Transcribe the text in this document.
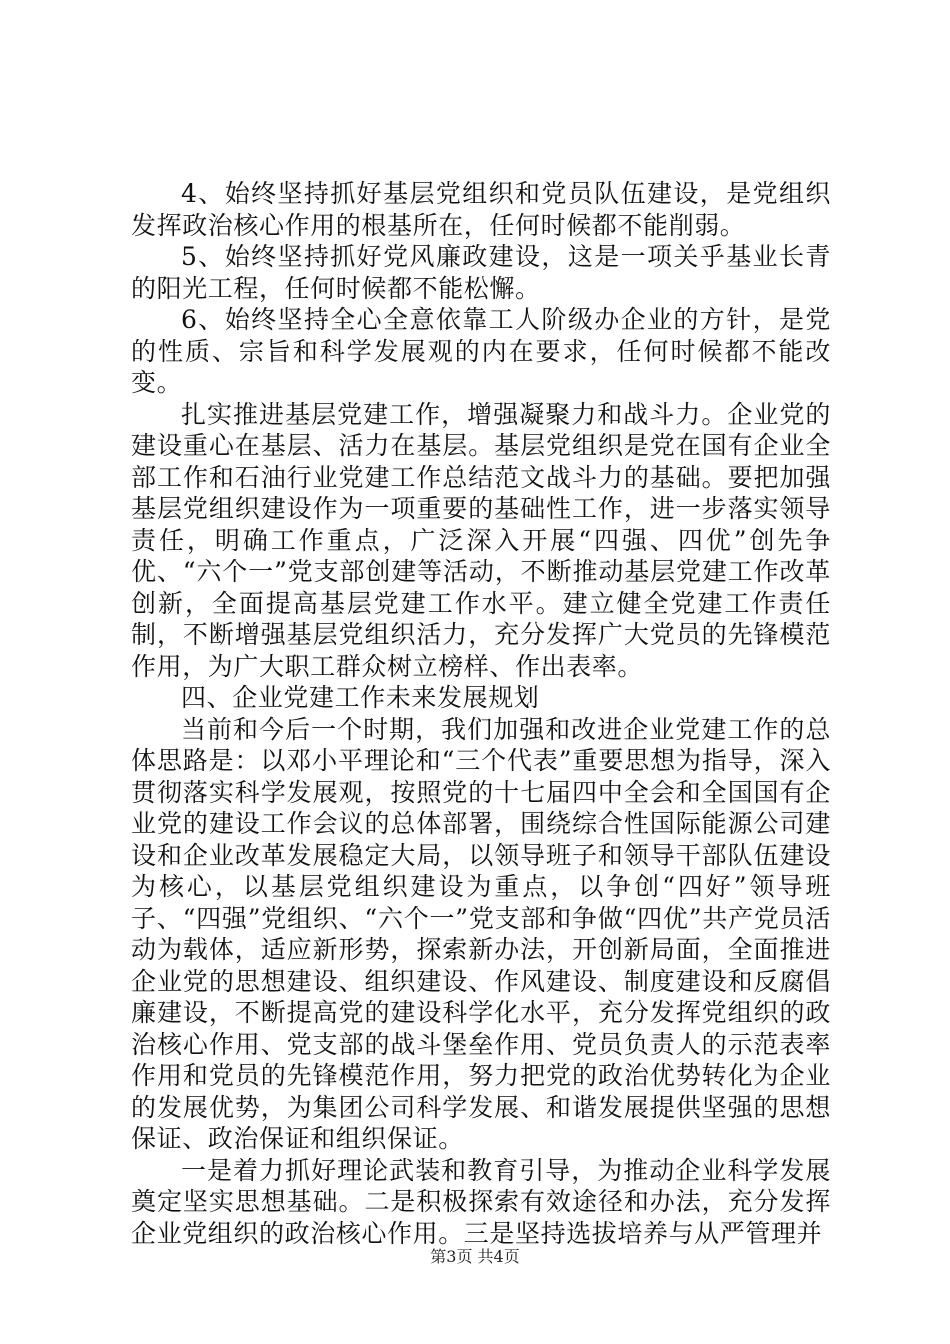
4、始终坚持抓好基层党组织和党员队伍建设，是党组织发挥政治核心作用的根基所在，任何时候都不能削弱。

5、始终坚持抓好党风廉政建设，这是一项关乎基业长青的阳光工程，任何时候都不能松懈。

6、始终坚持全心全意依靠工人阶级办企业的方针，是党的性质、宗旨和科学发展观的内在要求，任何时候都不能改变。

扎实推进基层党建工作，增强凝聚力和战斗力。企业党的建设重心在基层、活力在基层。基层党组织是党在国有企业全部工作和石油行业党建工作总结范文战斗力的基础。要把加强基层党组织建设作为一项重要的基础性工作，进一步落实领导责任，明确工作重点，广泛深入开展“四强、四优”创先争优、“六个一”党支部创建等活动，不断推动基层党建工作改革创新，全面提高基层党建工作水平。建立健全党建工作责任制，不断增强基层党组织活力，充分发挥广大党员的先锋模范作用，为广大职工群众树立榜样、作出表率。

四、企业党建工作未来发展规划

当前和今后一个时期，我们加强和改进企业党建工作的总体思路是：以邓小平理论和“三个代表”重要思想为指导，深入贯彻落实科学发展观，按照党的十七届四中全会和全国国有企业党的建设工作会议的总体部署，围绕综合性国际能源公司建设和企业改革发展稳定大局，以领导班子和领导干部队伍建设为核心，以基层党组织建设为重点，以争创“四好”领导班子、“四强”党组织、“六个一”党支部和争做“四优”共产党员活动为载体，适应新形势，探索新办法，开创新局面，全面推进企业党的思想建设、组织建设、作风建设、制度建设和反腐倡廉建设，不断提高党的建设科学化水平，充分发挥党组织的政治核心作用、党支部的战斗堡垒作用、党员负责人的示范表率作用和党员的先锋模范作用，努力把党的政治优势转化为企业的发展优势，为集团公司科学发展、和谐发展提供坚强的思想保证、政治保证和组织保证。

一是着力抓好理论武装和教育引导，为推动企业科学发展奠定坚实思想基础。二是积极探索有效途径和办法，充分发挥企业党组织的政治核心作用。三是坚持选拔培养与从严管理并

第3页 共4页
